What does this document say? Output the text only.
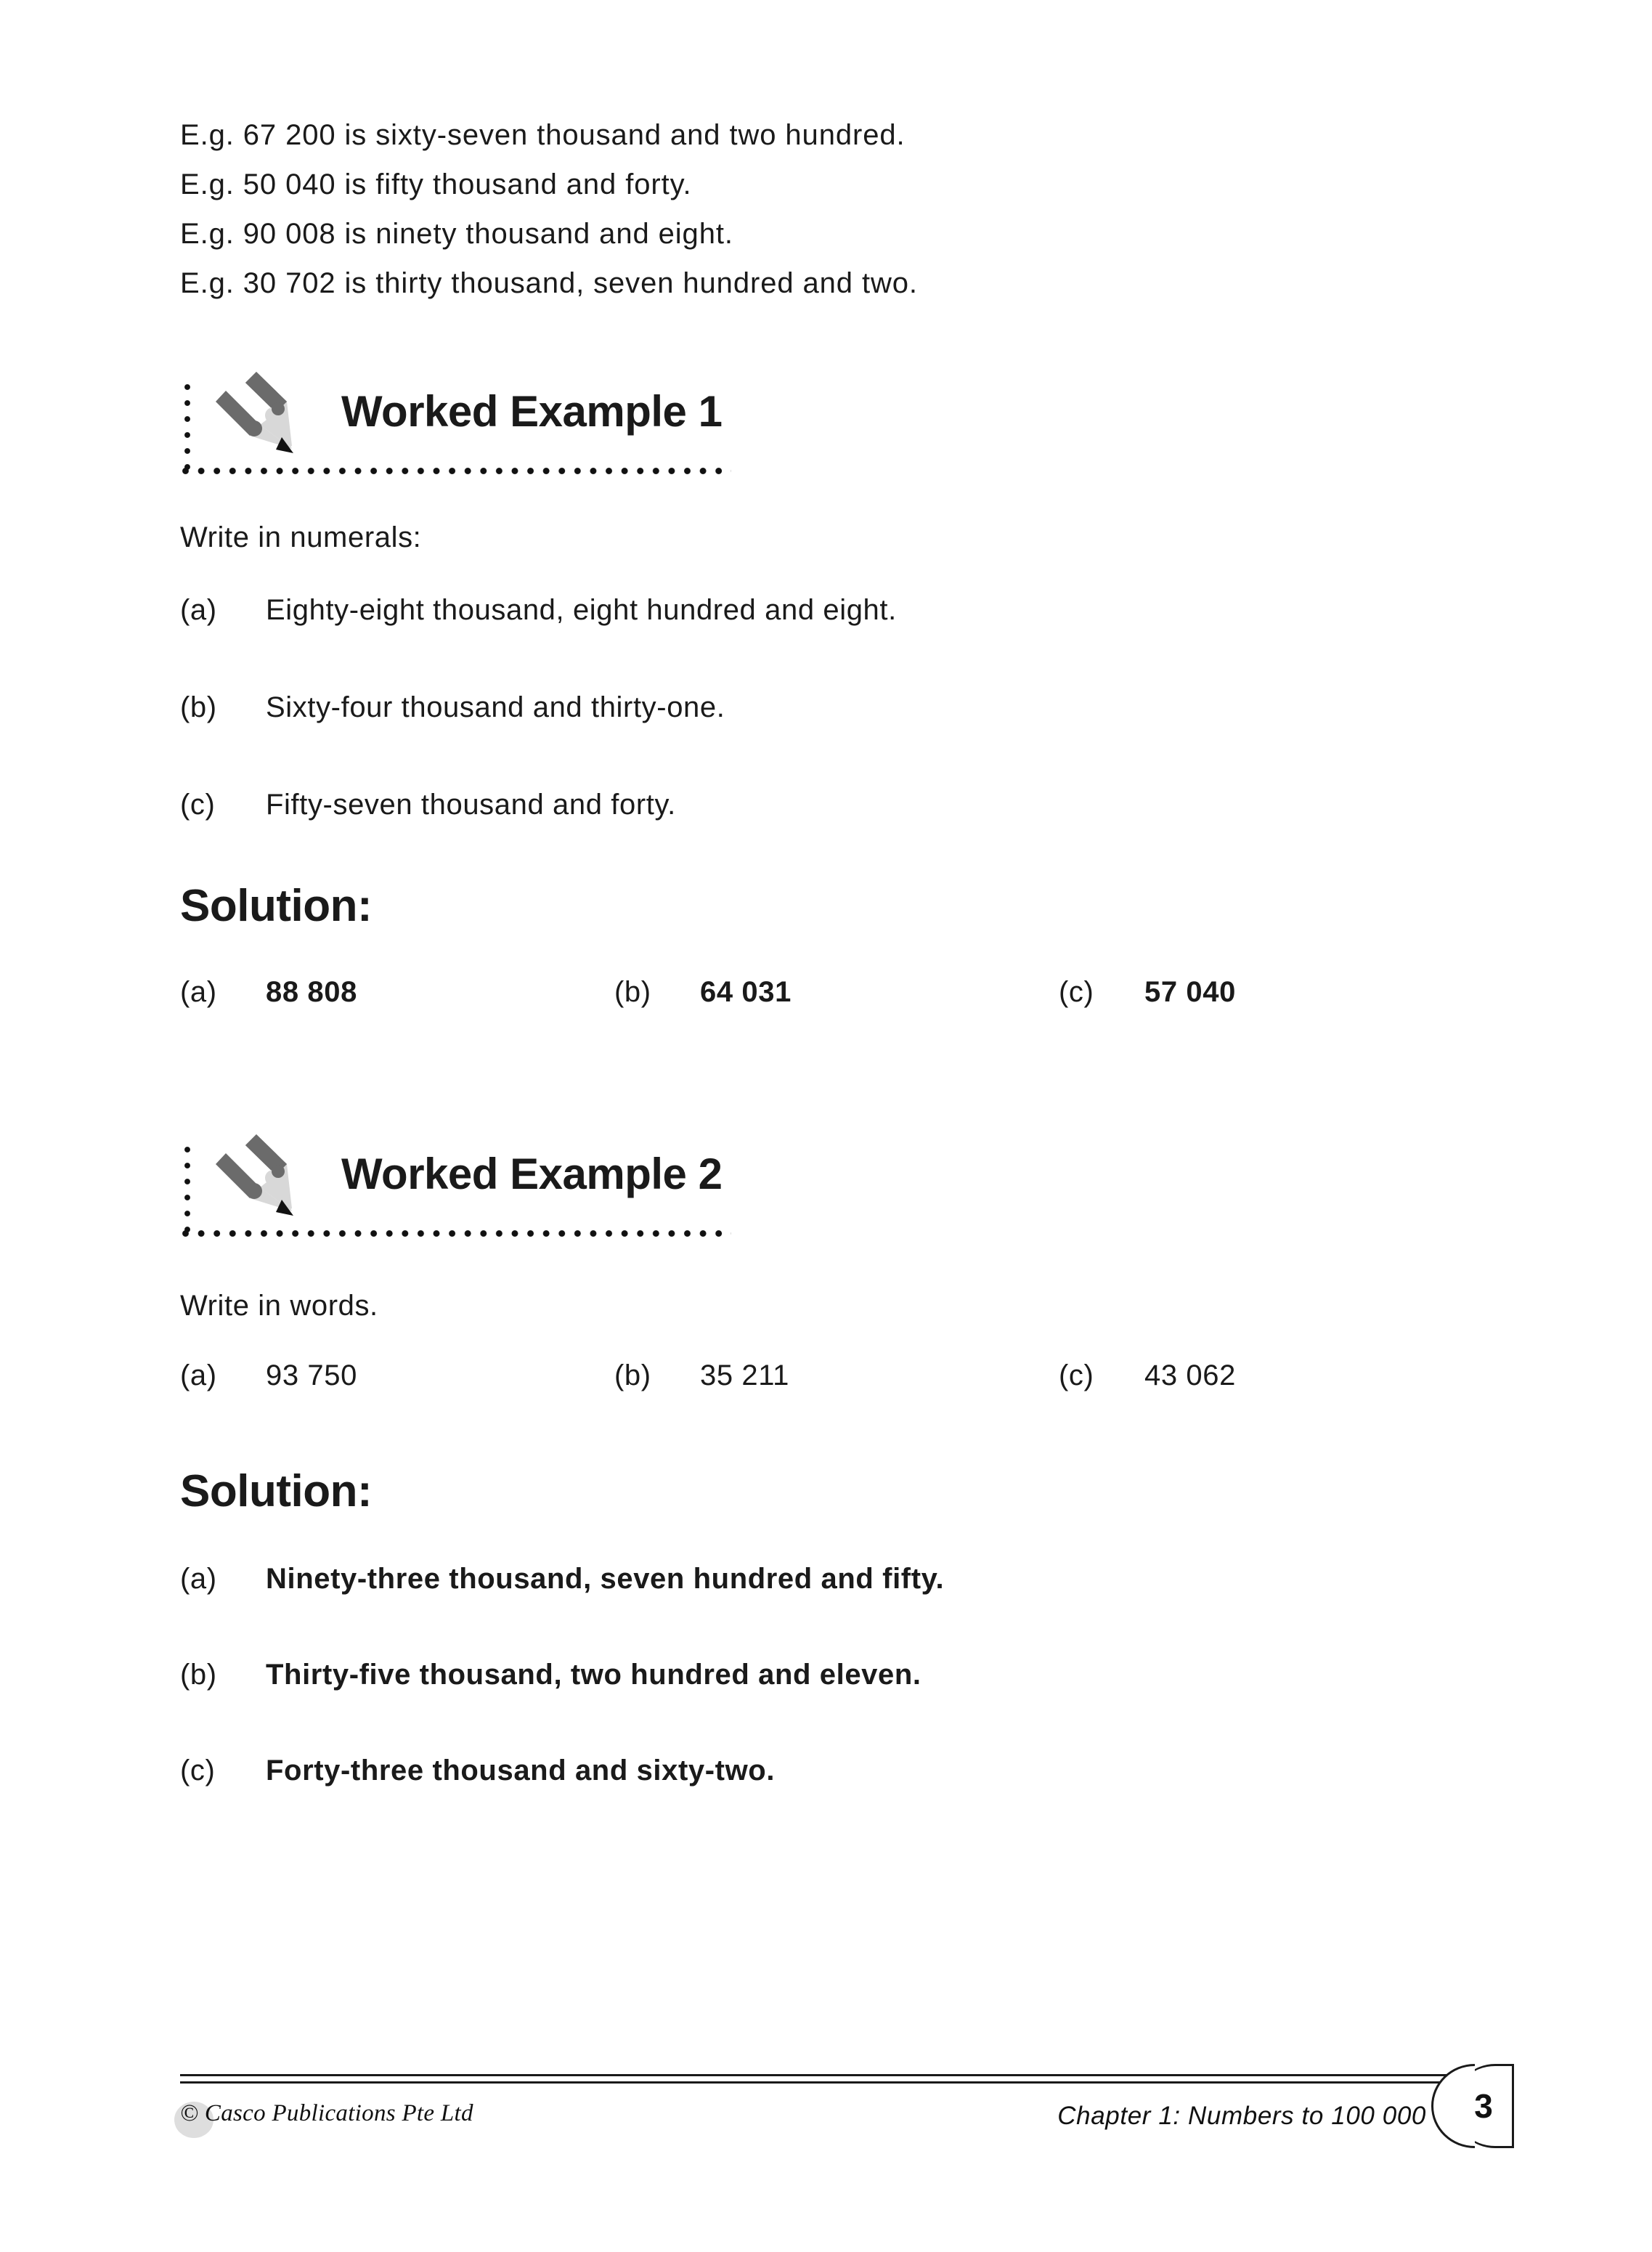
E.g. 67 200 is sixty-seven thousand and two hundred.
E.g. 50 040 is fifty thousand and forty.
E.g. 90 008 is ninety thousand and eight.
E.g. 30 702 is thirty thousand, seven hundred and two.
Worked Example 1
Write in numerals:
(a) Eighty-eight thousand, eight hundred and eight.
(b) Sixty-four thousand and thirty-one.
(c) Fifty-seven thousand and forty.
Solution:
(a) 88 808	(b) 64 031	(c) 57 040
Worked Example 2
Write in words.
(a) 93 750	(b) 35 211	(c) 43 062
Solution:
(a) Ninety-three thousand, seven hundred and fifty.
(b) Thirty-five thousand, two hundred and eleven.
(c) Forty-three thousand and sixty-two.
© Casco Publications Pte Ltd	Chapter 1: Numbers to 100 000	3
